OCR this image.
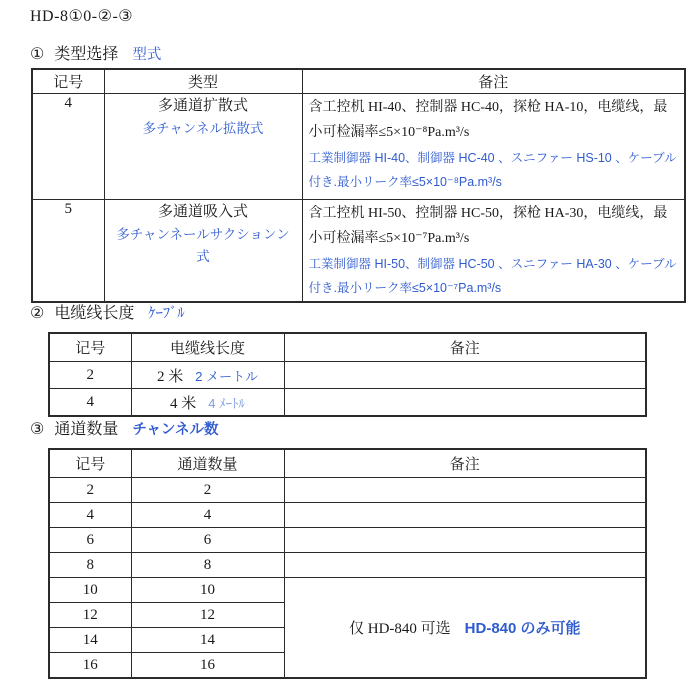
HD-8①0-②-③
① 类型选择 型式
记号	类型	备注
4	多通道扩散式
多チャンネル拡散式

含工控机 HI-40、控制器 HC-40，探枪 HA-10，电缆线，最小可检漏率≤5×10⁻⁸Pa.m³/s
工業制御器 HI-40、制御器 HC-40 、スニファー HS-10 、ケーブル付き.最小リーク率≤5×10⁻⁸Pa.m³/s

5	多通道吸入式
多チャンネールサクションン式

含工控机 HI-50、控制器 HC-50，探枪 HA-30，电缆线，最小可检漏率≤5×10⁻⁷Pa.m³/s
工業制御器 HI-50、制御器 HC-50 、スニファー HA-30 、ケーブル付き.最小リーク率≤5×10⁻⁷Pa.m³/s
② 电缆线长度 ｹｰﾌﾞﾙ
记号	电缆线长度	备注
2	2 米 2 メートル	
4	4 米 4 ﾒｰﾄﾙ	
③ 通道数量 チャンネル数
记号	通道数量	备注
2	2	
4	4	
6	6	
8	8	
10	10	仅 HD-840 可选 HD-840 のみ可能
12	12	
14	14	
16	16	
